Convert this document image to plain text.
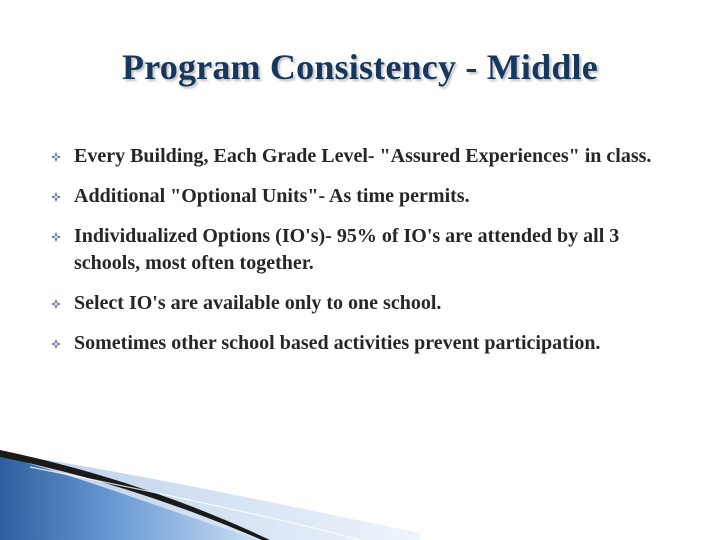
Program Consistency - Middle
Every Building, Each Grade Level- "Assured Experiences" in class.
Additional "Optional Units"- As time permits.
Individualized Options (IO's)- 95% of IO's are attended by all 3 schools, most often together.
Select IO's are available only to one school.
Sometimes other school based activities prevent participation.
